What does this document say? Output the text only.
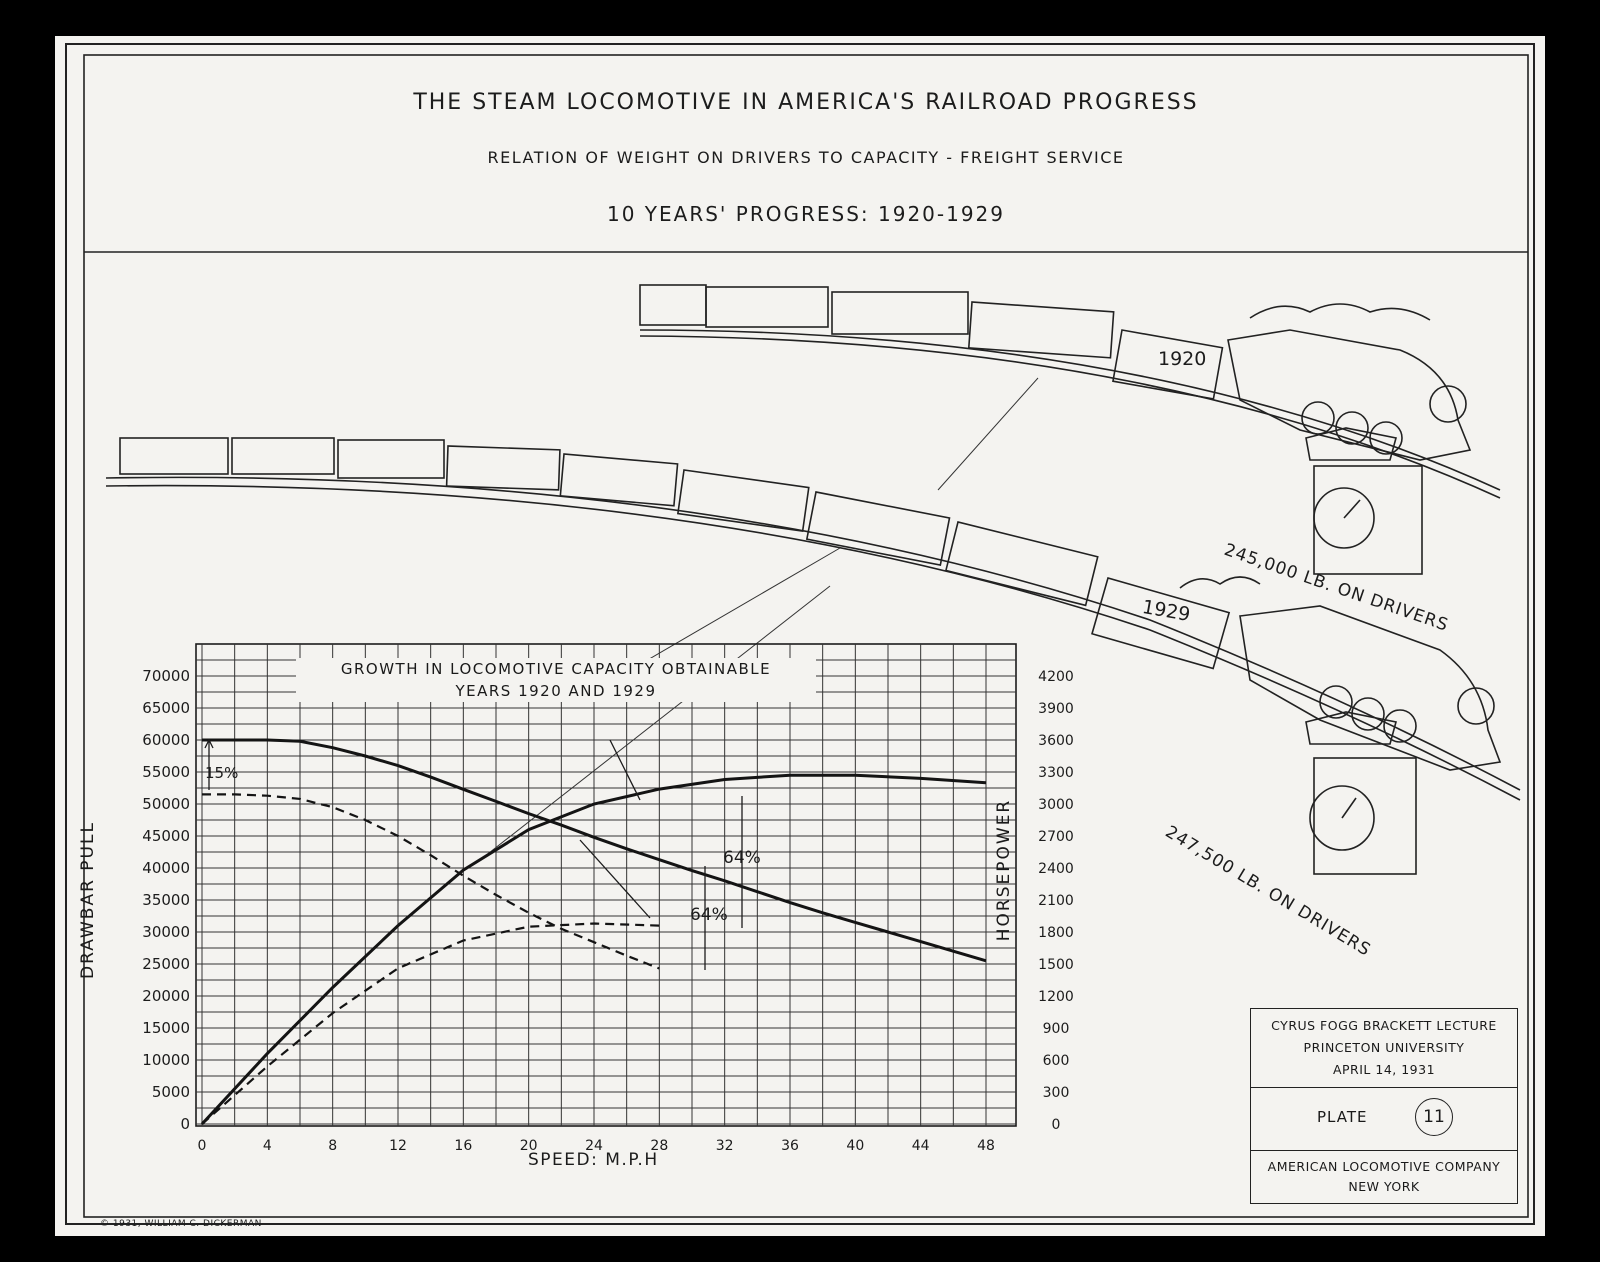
0	4	8	12	16	20	24	28	32	36	40	44	48
0
5000
10000
15000
20000
25000
30000
35000
40000
45000
50000
55000
60000
65000
70000
0
300
600
900
1200
1500
1800
2100
2400
2700
3000
3300
3600
3900
4200
THE STEAM LOCOMOTIVE IN AMERICA'S RAILROAD PROGRESS
RELATION OF WEIGHT ON DRIVERS TO CAPACITY - FREIGHT SERVICE
10 YEARS' PROGRESS: 1920-1929
1920
1929 245,000 LB. ON DRIVERS
247,500 LB. ON DRIVERS
GROWTH IN LOCOMOTIVE CAPACITY OBTAINABLE
YEARS 1920 AND 1929
DRAWBAR PULL	HORSEPOWER
SPEED: M.P.H
15%
64%
64%
CYRUS FOGG BRACKETT LECTURE
PRINCETON UNIVERSITY
APRIL 14, 1931
PLATE	11
AMERICAN LOCOMOTIVE COMPANY
NEW YORK
© 1931, WILLIAM C. DICKERMAN
